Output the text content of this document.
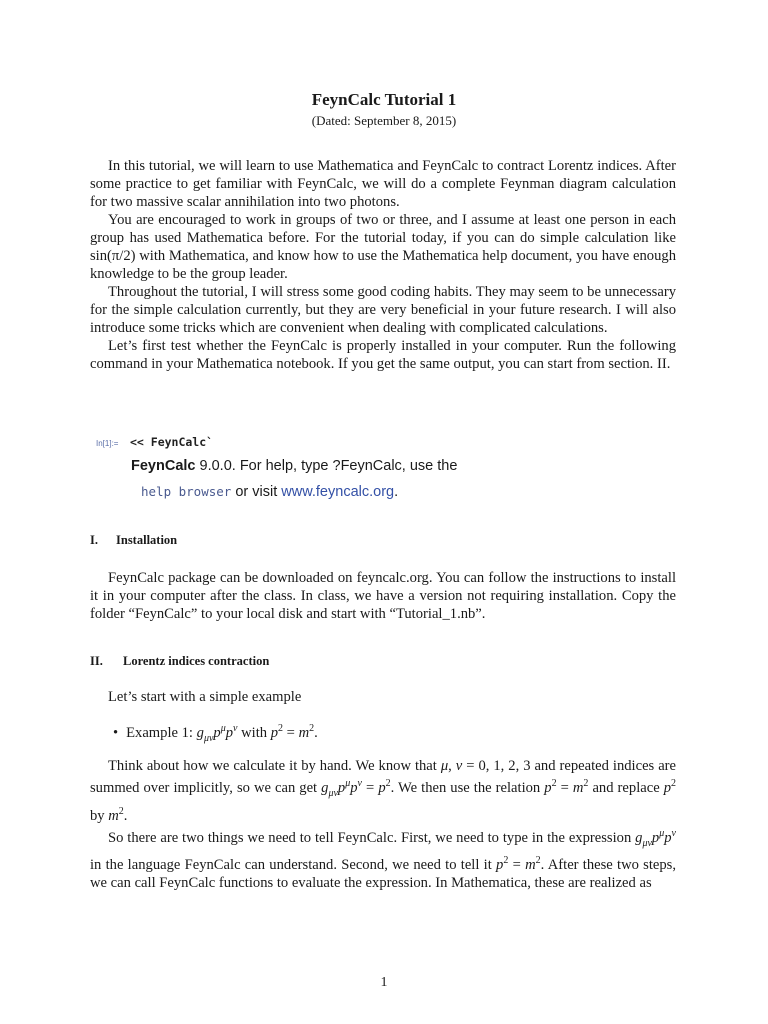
FeynCalc Tutorial 1
(Dated: September 8, 2015)

In this tutorial, we will learn to use Mathematica and FeynCalc to contract Lorentz indices. After some practice to get familiar with FeynCalc, we will do a complete Feynman diagram calculation for two massive scalar annihilation into two photons.

You are encouraged to work in groups of two or three, and I assume at least one person in each group has used Mathematica before. For the tutorial today, if you can do simple calculation like sin(π/2) with Mathematica, and know how to use the Mathematica help document, you have enough knowledge to be the group leader.

Throughout the tutorial, I will stress some good coding habits. They may seem to be unnecessary for the simple calculation currently, but they are very beneficial in your future research. I will also introduce some tricks which are convenient when dealing with complicated calculations.

Let’s first test whether the FeynCalc is properly installed in your computer. Run the following command in your Mathematica notebook. If you get the same output, you can start from section. II.

In[1]:= << FeynCalc`
FeynCalc 9.0.0. For help, type ?FeynCalc, use the
help browser or visit www.feyncalc.org.
I. Installation

FeynCalc package can be downloaded on feyncalc.org. You can follow the instructions to install it in your computer after the class. In class, we have a version not requiring installation. Copy the folder “FeynCalc” to your local disk and start with “Tutorial_1.nb”.

II. Lorentz indices contraction

Let’s start with a simple example

• Example 1: $g_{\mu\nu}p^\mu p^\nu$ with $p^2 = m^2$.

Think about how we calculate it by hand. We know that μ, ν = 0, 1, 2, 3 and repeated indices are summed over implicitly, so we can get $g_{\mu\nu}p^\mu p^\nu = p^2$. We then use the relation $p^2 = m^2$ and replace $p^2$ by $m^2$.

So there are two things we need to tell FeynCalc. First, we need to type in the expression $g_{\mu\nu}p^\mu p^\nu$ in the language FeynCalc can understand. Second, we need to tell it $p^2 = m^2$. After these two steps, we can call FeynCalc functions to evaluate the expression. In Mathematica, these are realized as

1
